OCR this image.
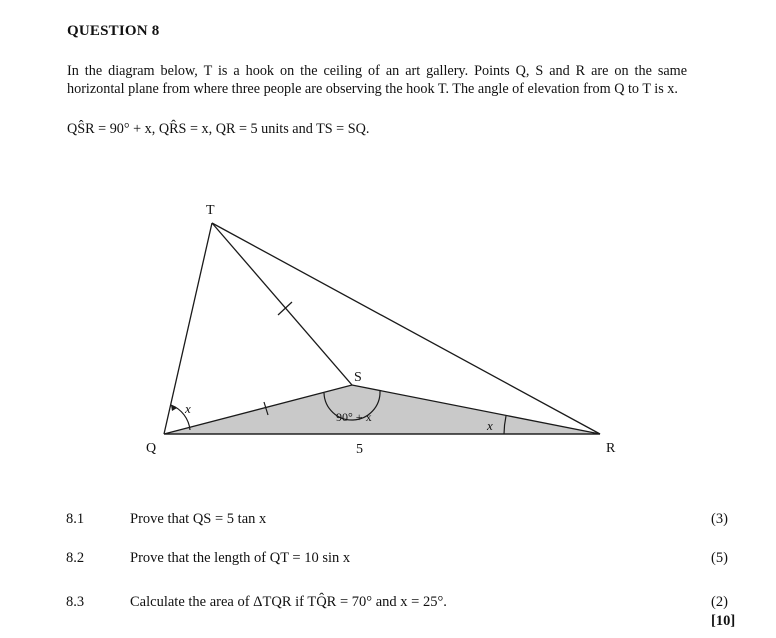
QUESTION 8

In the diagram below, T is a hook on the ceiling of an art gallery. Points Q, S and R are on the same horizontal plane from where three people are observing the hook T. The angle of elevation from Q to T is x.

QŜR = 90° + x, QR̂S = x, QR = 5 units and TS = SQ.
T
S
Q	R
x
90° + x
x
5
8.1	Prove that QS = 5 tan x	(3)
8.2	Prove that the length of QT = 10 sin x	(5)
8.3	Calculate the area of ΔTQR if TQ̂R = 70° and x = 25°.	(2)
[10]
